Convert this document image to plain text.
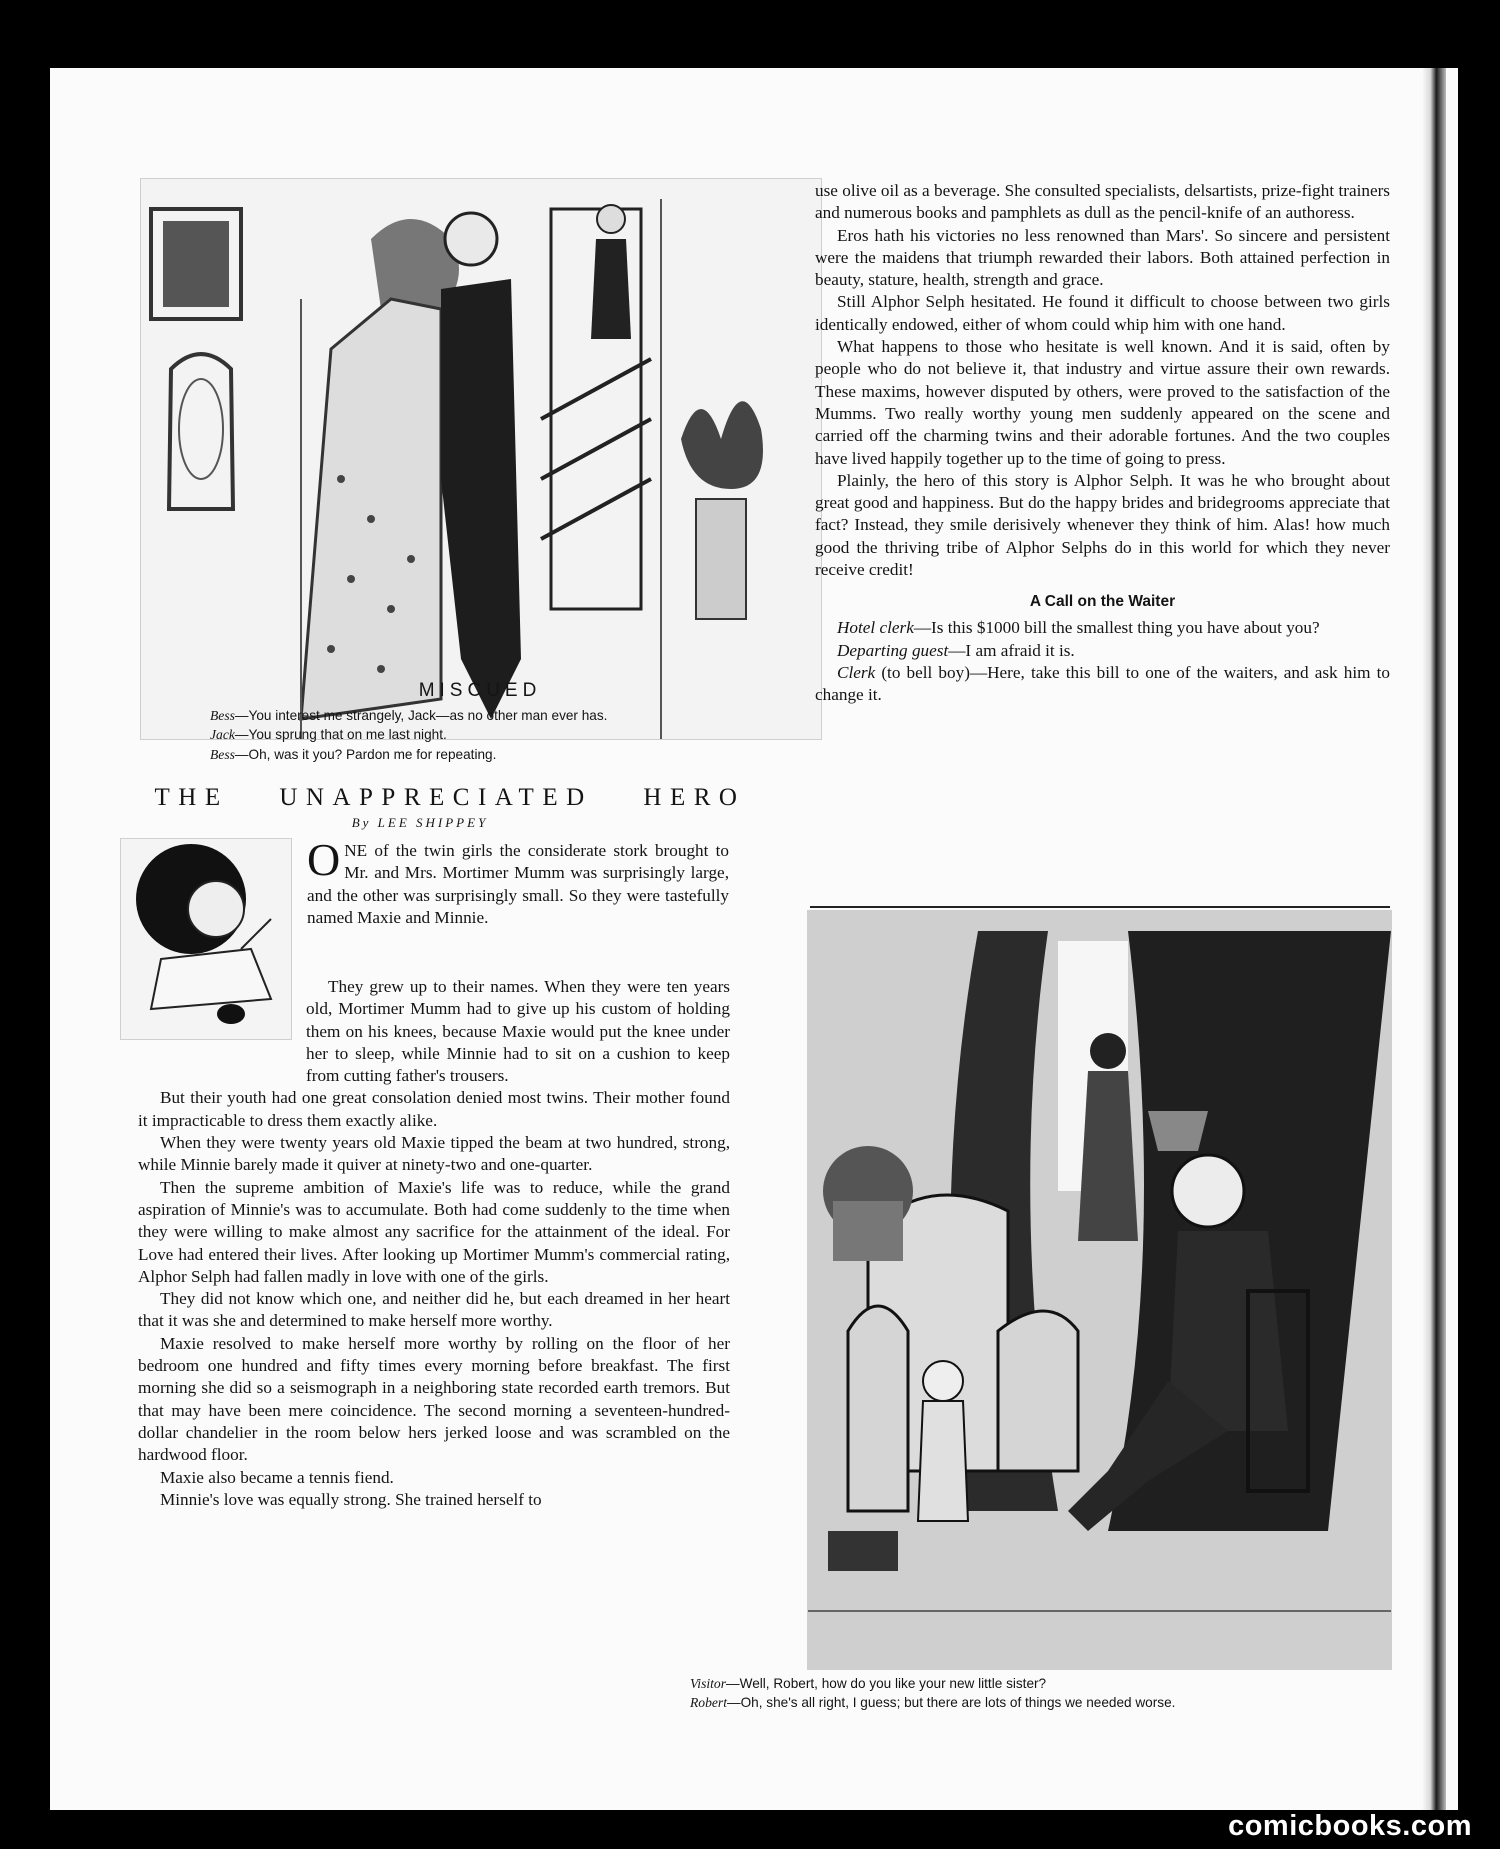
MISCUED

Bess—You interest me strangely, Jack—as no other man ever has.

Jack—You sprung that on me last night.

Bess—Oh, was it you? Pardon me for repeating.

THE UNAPPRECIATED HERO
By LEE SHIPPEY

ONE of the twin girls the considerate stork brought to Mr. and Mrs. Mortimer Mumm was surprisingly large, and the other was surprisingly small. So they were tastefully named Maxie and Minnie.

They grew up to their names. When they were ten years old, Mortimer Mumm had to give up his custom of holding them on his knees, because Maxie would put the knee under her to sleep, while Minnie had to sit on a cushion to keep from cutting father's trousers.

But their youth had one great consolation denied most twins. Their mother found it impracticable to dress them exactly alike.

When they were twenty years old Maxie tipped the beam at two hundred, strong, while Minnie barely made it quiver at ninety-two and one-quarter.

Then the supreme ambition of Maxie's life was to reduce, while the grand aspiration of Minnie's was to accumulate. Both had come suddenly to the time when they were willing to make almost any sacrifice for the attainment of the ideal. For Love had entered their lives. After looking up Mortimer Mumm's commercial rating, Alphor Selph had fallen madly in love with one of the girls.

They did not know which one, and neither did he, but each dreamed in her heart that it was she and determined to make herself more worthy.

Maxie resolved to make herself more worthy by rolling on the floor of her bedroom one hundred and fifty times every morning before breakfast. The first morning she did so a seismograph in a neighboring state recorded earth tremors. But that may have been mere coincidence. The second morning a seventeen-hundred-dollar chandelier in the room below hers jerked loose and was scrambled on the hardwood floor.

Maxie also became a tennis fiend.

Minnie's love was equally strong. She trained herself to

use olive oil as a beverage. She consulted specialists, delsartists, prize-fight trainers and numerous books and pamphlets as dull as the pencil-knife of an authoress.

Eros hath his victories no less renowned than Mars'. So sincere and persistent were the maidens that triumph rewarded their labors. Both attained perfection in beauty, stature, health, strength and grace.

Still Alphor Selph hesitated. He found it difficult to choose between two girls identically endowed, either of whom could whip him with one hand.

What happens to those who hesitate is well known. And it is said, often by people who do not believe it, that industry and virtue assure their own rewards. These maxims, however disputed by others, were proved to the satisfaction of the Mumms. Two really worthy young men suddenly appeared on the scene and carried off the charming twins and their adorable fortunes. And the two couples have lived happily together up to the time of going to press.

Plainly, the hero of this story is Alphor Selph. It was he who brought about great good and happiness. But do the happy brides and bridegrooms appreciate that fact? Instead, they smile derisively whenever they think of him. Alas! how much good the thriving tribe of Alphor Selphs do in this world for which they never receive credit!

A Call on the Waiter

Hotel clerk—Is this $1000 bill the smallest thing you have about you?

Departing guest—I am afraid it is.

Clerk (to bell boy)—Here, take this bill to one of the waiters, and ask him to change it.

Visitor—Well, Robert, how do you like your new little sister?

Robert—Oh, she's all right, I guess; but there are lots of things we needed worse.

comicbooks.com
